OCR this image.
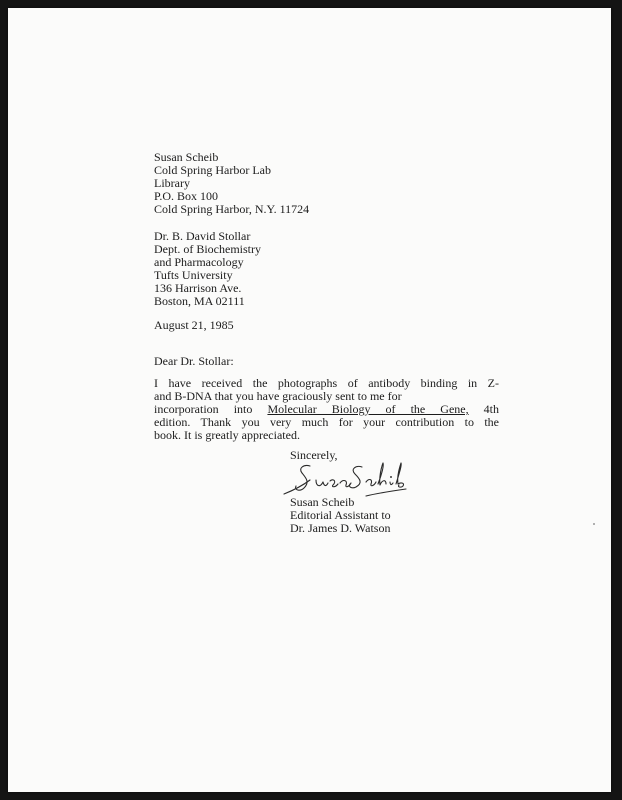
Susan Scheib
Cold Spring Harbor Lab
Library
P.O. Box 100
Cold Spring Harbor, N.Y. 11724
Dr. B. David Stollar
Dept. of Biochemistry
and Pharmacology
Tufts University
136 Harrison Ave.
Boston, MA 02111
August 21, 1985
Dear Dr. Stollar:
I have received the photographs of antibody binding in Z-
and B-DNA that you have graciously sent to me for
incorporation into Molecular Biology of the Gene, 4th
edition. Thank you very much for your contribution to the
book. It is greatly appreciated.
Sincerely,
Susan Scheib
Editorial Assistant to
Dr. James D. Watson
